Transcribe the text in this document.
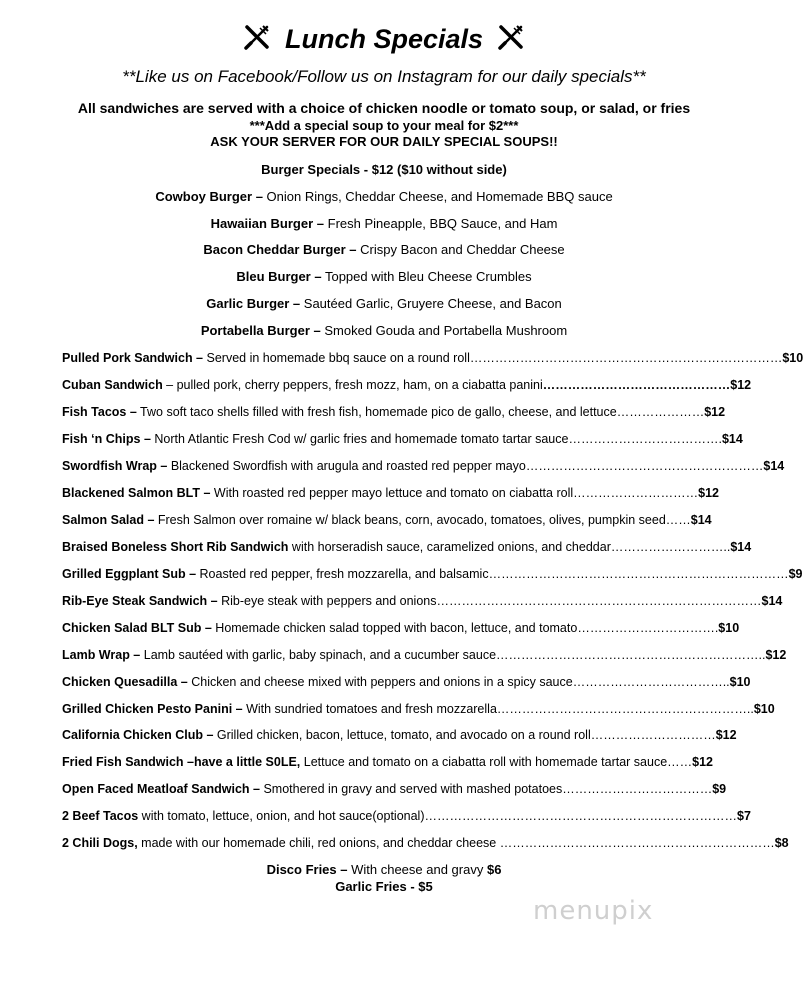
Lunch Specials
**Like us on Facebook/Follow us on Instagram for our daily specials**
All sandwiches are served with a choice of chicken noodle or tomato soup, or salad, or fries
***Add a special soup to your meal for $2***
ASK YOUR SERVER FOR OUR DAILY SPECIAL SOUPS!!
Burger Specials - $12 ($10 without side)
Cowboy Burger – Onion Rings, Cheddar Cheese, and Homemade BBQ sauce
Hawaiian Burger – Fresh Pineapple, BBQ Sauce, and Ham
Bacon Cheddar Burger – Crispy Bacon and Cheddar Cheese
Bleu Burger – Topped with Bleu Cheese Crumbles
Garlic Burger – Sautéed Garlic, Gruyere Cheese, and Bacon
Portabella Burger – Smoked Gouda and Portabella Mushroom
Pulled Pork Sandwich – Served in homemade bbq sauce on a round roll…………………………………………………………………$10
Cuban Sandwich – pulled pork, cherry peppers, fresh mozz, ham, on a ciabatta panini………………………………………$12
Fish Tacos – Two soft taco shells filled with fresh fish, homemade pico de gallo, cheese, and lettuce…………………$12
Fish ‘n Chips – North Atlantic Fresh Cod w/ garlic fries and homemade tomato tartar sauce……………………………….$14
Swordfish Wrap – Blackened Swordfish with arugula and roasted red pepper mayo…………………………………………………$14
Blackened Salmon BLT – With roasted red pepper mayo lettuce and tomato on ciabatta roll…………………………$12
Salmon Salad – Fresh Salmon over romaine w/ black beans, corn, avocado, tomatoes, olives, pumpkin seed……$14
Braised Boneless Short Rib Sandwich with horseradish sauce, caramelized onions, and cheddar………………………..$14
Grilled Eggplant Sub – Roasted red pepper, fresh mozzarella, and balsamic………………………………………………………………$9
Rib-Eye Steak Sandwich – Rib-eye steak with peppers and onions……………………………………………………………………$14
Chicken Salad BLT Sub – Homemade chicken salad topped with bacon, lettuce, and tomato…………………………….$10
Lamb Wrap – Lamb sautéed with garlic, baby spinach, and a cucumber sauce………………………………………………………..$12
Chicken Quesadilla – Chicken and cheese mixed with peppers and onions in a spicy sauce………………………………..$10
Grilled Chicken Pesto Panini – With sundried tomatoes and fresh mozzarella……………………………………………………..$10
California Chicken Club – Grilled chicken, bacon, lettuce, tomato, and avocado on a round roll…………………………$12
Fried Fish Sandwich –have a little S0LE, Lettuce and tomato on a ciabatta roll with homemade tartar sauce……$12
Open Faced Meatloaf Sandwich – Smothered in gravy and served with mashed potatoes………………………………$9
2 Beef Tacos with tomato, lettuce, onion, and hot sauce(optional)…………………………………………………………………$7
2 Chili Dogs, made with our homemade chili, red onions, and cheddar cheese …………………………………………………………$8
Disco Fries – With cheese and gravy $6
Garlic Fries - $5
menupix
